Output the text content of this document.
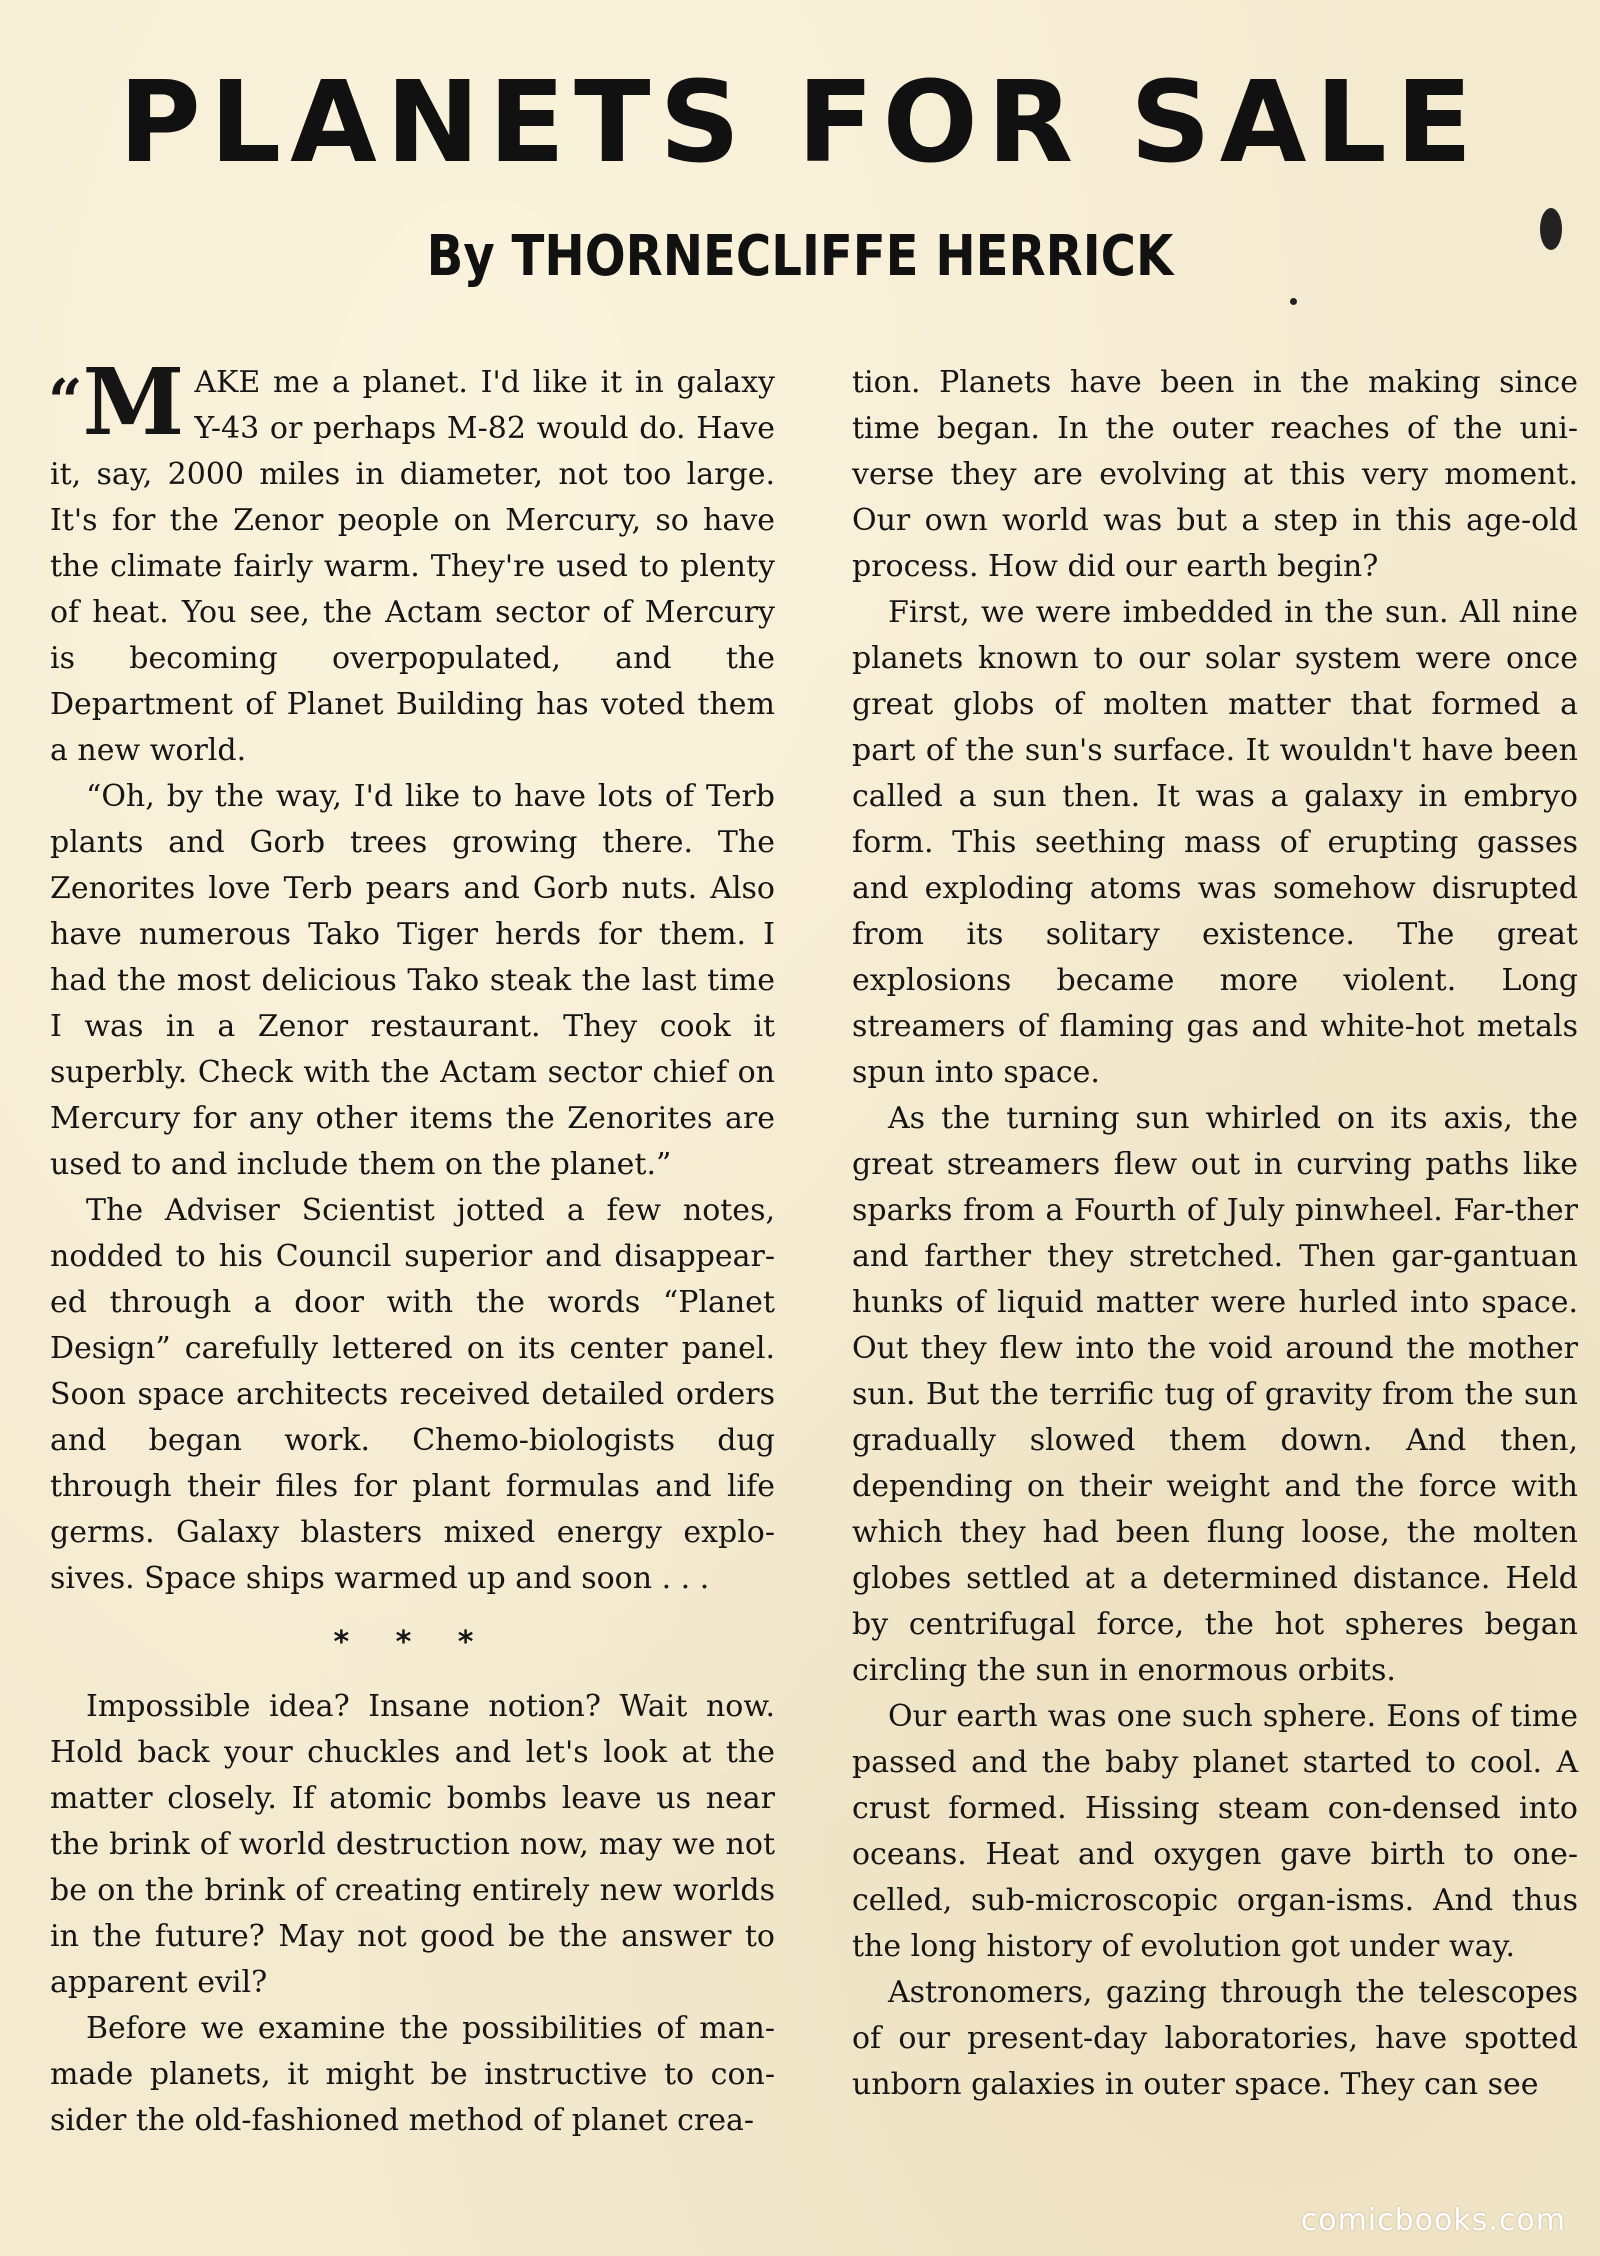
PLANETS FOR SALE
By THORNECLIFFE HERRICK

“M AKE me a planet. I'd like it in galaxy Y-43 or perhaps M-82 would do. Have it, say, 2000 miles in diameter, not too large. It's for the Zenor people on Mercury, so have the climate fairly warm. They're used to plenty of heat. You see, the Actam sector of Mercury is becoming overpopulated, and the Department of Planet Building has voted them a new world.

“Oh, by the way, I'd like to have lots of Terb plants and Gorb trees growing there. The Zenorites love Terb pears and Gorb nuts. Also have numerous Tako Tiger herds for them. I had the most delicious Tako steak the last time I was in a Zenor restaurant. They cook it superbly. Check with the Actam sector chief on Mercury for any other items the Zenorites are used to and include them on the planet.”

The Adviser Scientist jotted a few notes, nodded to his Council superior and disappear-ed through a door with the words “Planet Design” carefully lettered on its center panel. Soon space architects received detailed orders and began work. Chemo-biologists dug through their files for plant formulas and life germs. Galaxy blasters mixed energy explo-sives. Space ships warmed up and soon . . .

* * *

Impossible idea? Insane notion? Wait now. Hold back your chuckles and let's look at the matter closely. If atomic bombs leave us near the brink of world destruction now, may we not be on the brink of creating entirely new worlds in the future? May not good be the answer to apparent evil?

Before we examine the possibilities of man-made planets, it might be instructive to con-sider the old-fashioned method of planet crea-

tion. Planets have been in the making since time began. In the outer reaches of the uni-verse they are evolving at this very moment. Our own world was but a step in this age-old process. How did our earth begin?

First, we were imbedded in the sun. All nine planets known to our solar system were once great globs of molten matter that formed a part of the sun's surface. It wouldn't have been called a sun then. It was a galaxy in embryo form. This seething mass of erupting gasses and exploding atoms was somehow disrupted from its solitary existence. The great explosions became more violent. Long streamers of flaming gas and white-hot metals spun into space.

As the turning sun whirled on its axis, the great streamers flew out in curving paths like sparks from a Fourth of July pinwheel. Far-ther and farther they stretched. Then gar-gantuan hunks of liquid matter were hurled into space. Out they flew into the void around the mother sun. But the terrific tug of gravity from the sun gradually slowed them down. And then, depending on their weight and the force with which they had been flung loose, the molten globes settled at a determined distance. Held by centrifugal force, the hot spheres began circling the sun in enormous orbits.

Our earth was one such sphere. Eons of time passed and the baby planet started to cool. A crust formed. Hissing steam con-densed into oceans. Heat and oxygen gave birth to one-celled, sub-microscopic organ-isms. And thus the long history of evolution got under way.

Astronomers, gazing through the telescopes of our present-day laboratories, have spotted unborn galaxies in outer space. They can see

comicbooks.com
